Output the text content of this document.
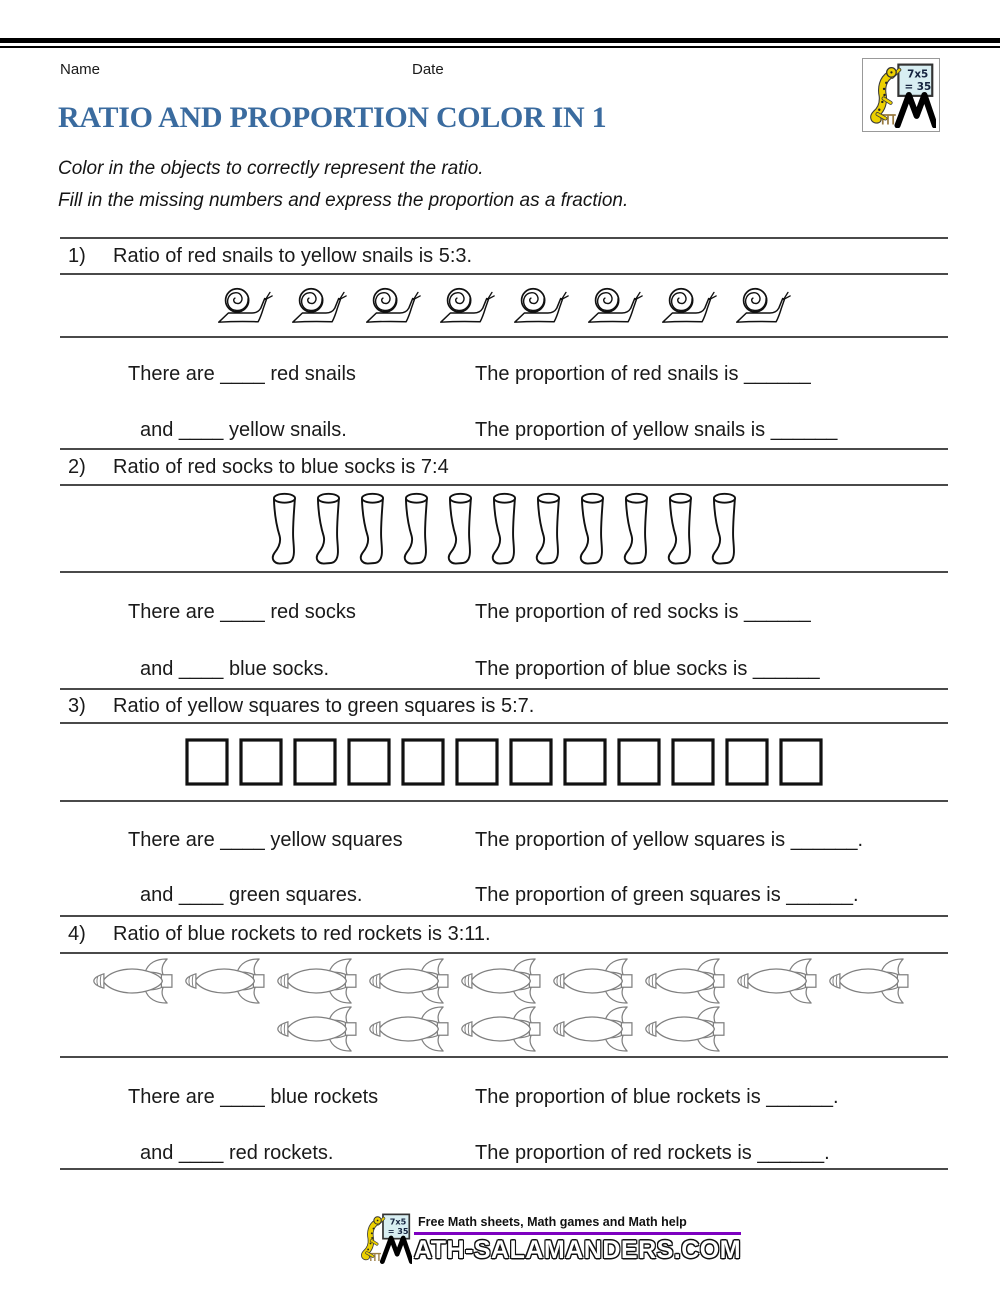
Name	Date	7x5
= 35
RATIO AND PROPORTION COLOR IN 1
Color in the objects to correctly represent the ratio.
Fill in the missing numbers and express the proportion as a fraction.
1)	Ratio of red snails to yellow snails is 5:3.
There are ____ red snails	The proportion of red snails is ______
and ____ yellow snails.	The proportion of yellow snails is ______
2)	Ratio of red socks to blue socks is 7:4
There are ____ red socks	The proportion of red socks is ______
and ____ blue socks.	The proportion of blue socks is ______
3)	Ratio of yellow squares to green squares is 5:7.
There are ____ yellow squares	The proportion of yellow squares is ______.
and ____ green squares.	The proportion of green squares is ______.
4)	Ratio of blue rockets to red rockets is 3:11.
There are ____ blue rockets	The proportion of blue rockets is ______.
and ____ red rockets.	The proportion of red rockets is ______.
7x5
= 35
Free Math sheets, Math games and Math help
ATH-SALAMANDERS.COM
